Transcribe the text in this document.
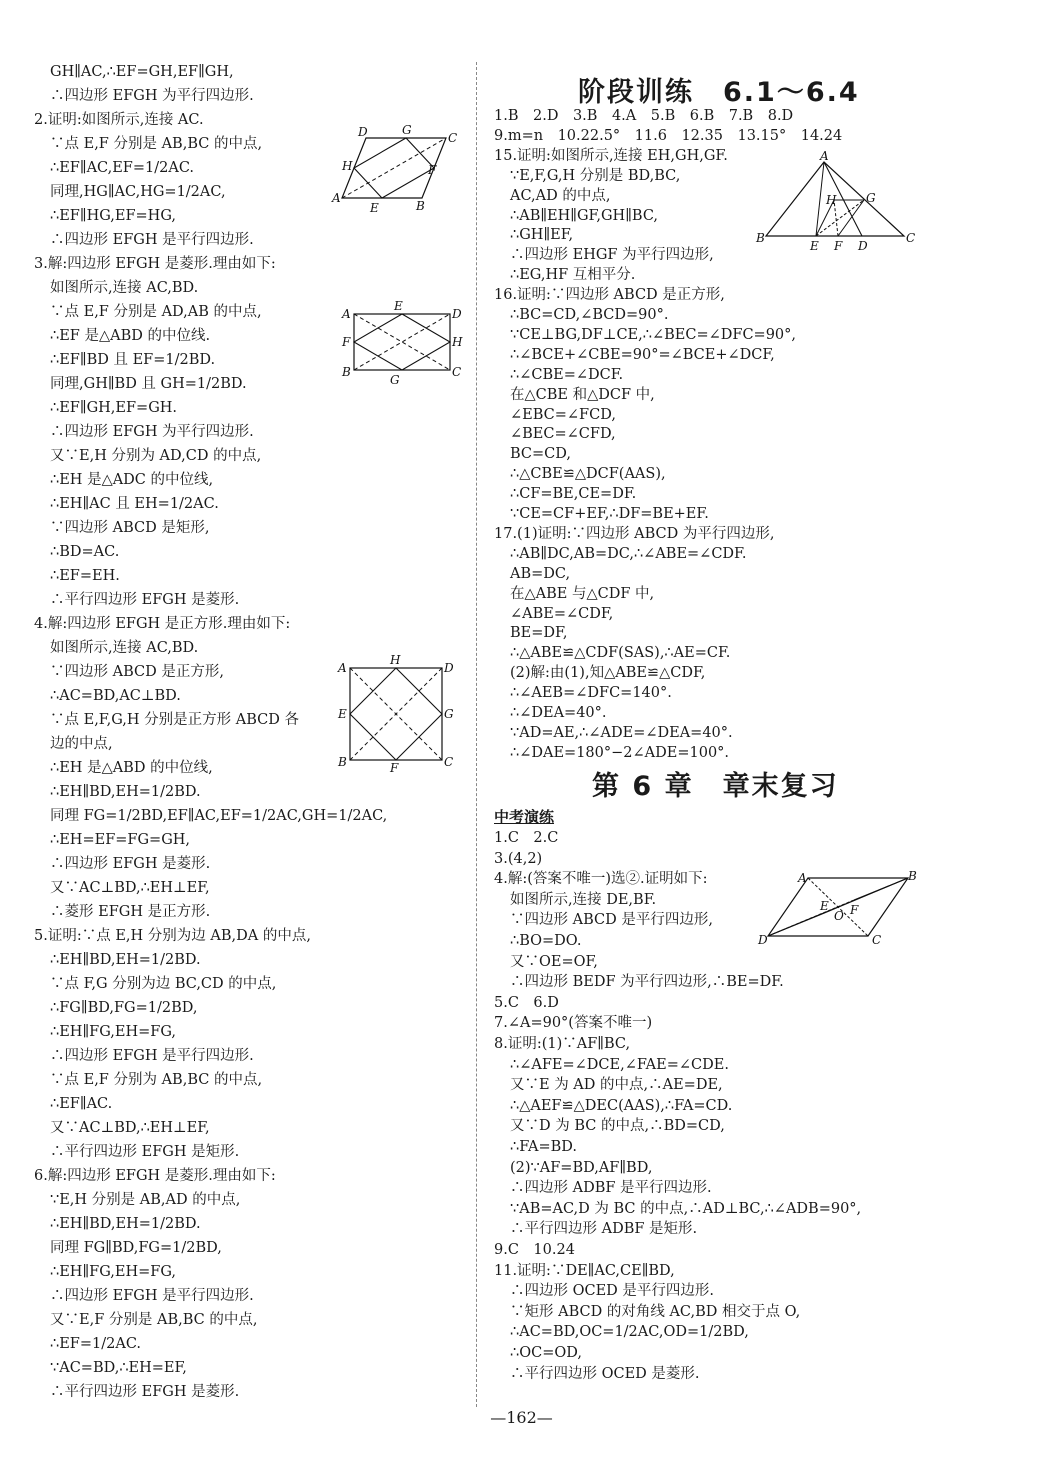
GH∥AC,∴EF=GH,EF∥GH,
∴四边形 EFGH 为平行四边形.
2.证明:如图所示,连接 AC.
∵点 E,F 分别是 AB,BC 的中点,
∴EF∥AC,EF=1/2AC.
同理,HG∥AC,HG=1/2AC,
∴EF∥HG,EF=HG,
∴四边形 EFGH 是平行四边形.
3.解:四边形 EFGH 是菱形.理由如下:
如图所示,连接 AC,BD.
∵点 E,F 分别是 AD,AB 的中点,
∴EF 是△ABD 的中位线.
∴EF∥BD 且 EF=1/2BD.
同理,GH∥BD 且 GH=1/2BD.
∴EF∥GH,EF=GH.
∴四边形 EFGH 为平行四边形.
又∵E,H 分别为 AD,CD 的中点,
∴EH 是△ADC 的中位线,
∴EH∥AC 且 EH=1/2AC.
∵四边形 ABCD 是矩形,
∴BD=AC.
∴EF=EH.
∴平行四边形 EFGH 是菱形.
4.解:四边形 EFGH 是正方形.理由如下:
如图所示,连接 AC,BD.
∵四边形 ABCD 是正方形,
∴AC=BD,AC⊥BD.
∵点 E,F,G,H 分别是正方形 ABCD 各
边的中点,
∴EH 是△ABD 的中位线,
∴EH∥BD,EH=1/2BD.
同理 FG=1/2BD,EF∥AC,EF=1/2AC,GH=1/2AC,
∴EH=EF=FG=GH,
∴四边形 EFGH 是菱形.
又∵AC⊥BD,∴EH⊥EF,
∴菱形 EFGH 是正方形.
5.证明:∵点 E,H 分别为边 AB,DA 的中点,
∴EH∥BD,EH=1/2BD.
∵点 F,G 分别为边 BC,CD 的中点,
∴FG∥BD,FG=1/2BD,
∴EH∥FG,EH=FG,
∴四边形 EFGH 是平行四边形.
∵点 E,F 分别为 AB,BC 的中点,
∴EF∥AC.
又∵AC⊥BD,∴EH⊥EF,
∴平行四边形 EFGH 是矩形.
6.解:四边形 EFGH 是菱形.理由如下:
∵E,H 分别是 AB,AD 的中点,
∴EH∥BD,EH=1/2BD.
同理 FG∥BD,FG=1/2BD,
∴EH∥FG,EH=FG,
∴四边形 EFGH 是平行四边形.
又∵E,F 分别是 AB,BC 的中点,
∴EF=1/2AC.
∵AC=BD,∴EH=EF,
∴平行四边形 EFGH 是菱形.
阶段训练　6.1～6.4
1.B　2.D　3.B　4.A　5.B　6.B　7.B　8.D
9.m=n　10.22.5°　11.6　12.35　13.15°　14.24
15.证明:如图所示,连接 EH,GH,GF.
∵E,F,G,H 分别是 BD,BC,
AC,AD 的中点,
∴AB∥EH∥GF,GH∥BC,
∴GH∥EF,
∴四边形 EHGF 为平行四边形,
∴EG,HF 互相平分.
16.证明:∵四边形 ABCD 是正方形,
∴BC=CD,∠BCD=90°.
∵CE⊥BG,DF⊥CE,∴∠BEC=∠DFC=90°,
∴∠BCE+∠CBE=90°=∠BCE+∠DCF,
∴∠CBE=∠DCF.
在△CBE 和△DCF 中,
∠EBC=∠FCD,
∠BEC=∠CFD,
BC=CD,
∴△CBE≌△DCF(AAS),
∴CF=BE,CE=DF.
∵CE=CF+EF,∴DF=BE+EF.
17.(1)证明:∵四边形 ABCD 为平行四边形,
∴AB∥DC,AB=DC,∴∠ABE=∠CDF.
AB=DC,
在△ABE 与△CDF 中,
∠ABE=∠CDF,
BE=DF,
∴△ABE≌△CDF(SAS),∴AE=CF.
(2)解:由(1),知△ABE≌△CDF,
∴∠AEB=∠DFC=140°.
∴∠DEA=40°.
∵AD=AE,∴∠ADE=∠DEA=40°.
∴∠DAE=180°−2∠ADE=100°.
第 6 章　章末复习
中考演练
1.C　2.C
3.(4,2)
4.解:(答案不唯一)选②.证明如下:
如图所示,连接 DE,BF.
∵四边形 ABCD 是平行四边形,
∴BO=DO.
又∵OE=OF,
∴四边形 BEDF 为平行四边形,∴BE=DF.
5.C　6.D
7.∠A=90°(答案不唯一)
8.证明:(1)∵AF∥BC,
∴∠AFE=∠DCE,∠FAE=∠CDE.
又∵E 为 AD 的中点,∴AE=DE,
∴△AEF≌△DEC(AAS),∴FA=CD.
又∵D 为 BC 的中点,∴BD=CD,
∴FA=BD.
(2)∵AF=BD,AF∥BD,
∴四边形 ADBF 是平行四边形.
∵AB=AC,D 为 BC 的中点,∴AD⊥BC,∴∠ADB=90°,
∴平行四边形 ADBF 是矩形.
9.C　10.24
11.证明:∵DE∥AC,CE∥BD,
∴四边形 OCED 是平行四边形.
∵矩形 ABCD 的对角线 AC,BD 相交于点 O,
∴AC=BD,OC=1/2AC,OD=1/2BD,
∴OC=OD,
∴平行四边形 OCED 是菱形.
D	G
C
H	F
A
E	B
A
E
D
F	H
B
G
C
A
H
D
E	G
B	F	C
A
H G
B
E F D
C
A	B
E
O F
D	C
—162—
